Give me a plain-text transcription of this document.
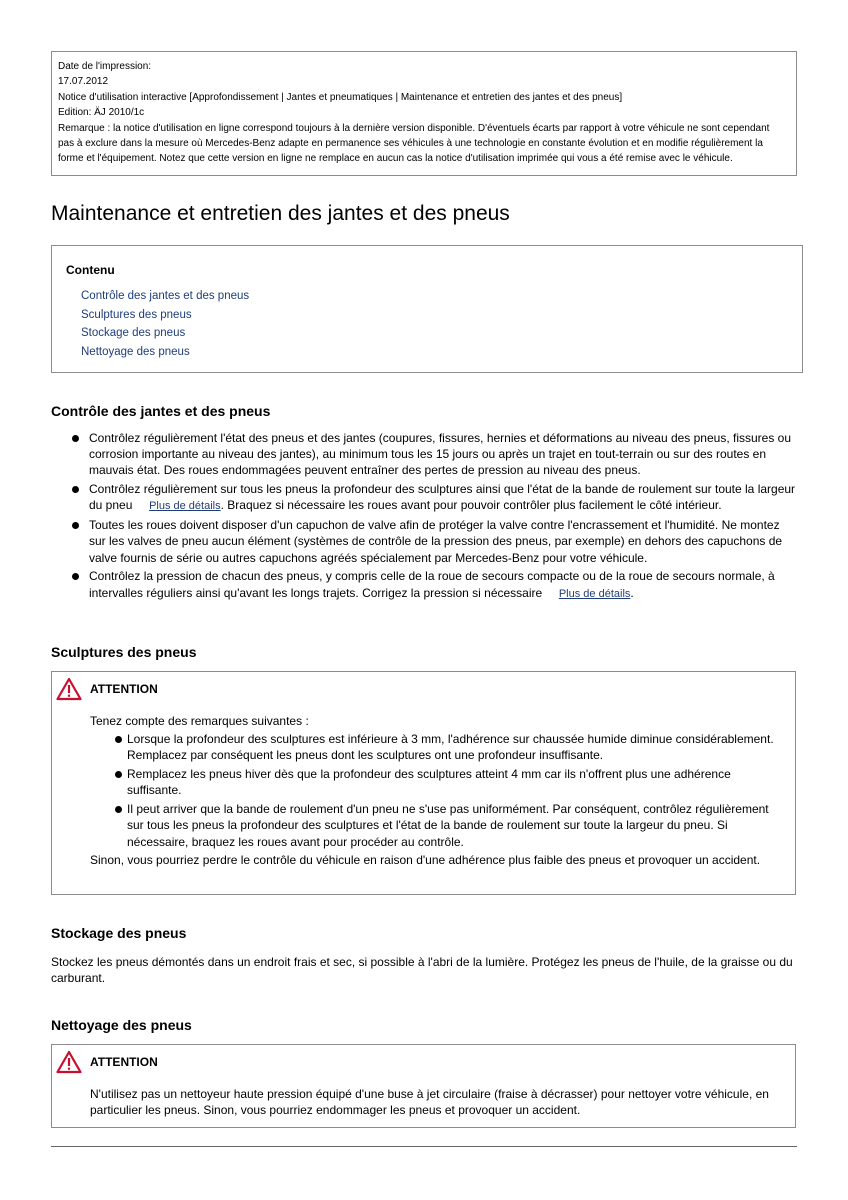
Date de l'impression:
17.07.2012
Notice d'utilisation interactive [Approfondissement | Jantes et pneumatiques | Maintenance et entretien des jantes et des pneus]
Edition: ÄJ 2010/1c
Remarque : la notice d'utilisation en ligne correspond toujours à la dernière version disponible. D'éventuels écarts par rapport à votre véhicule ne sont cependant pas à exclure dans la mesure où Mercedes-Benz adapte en permanence ses véhicules à une technologie en constante évolution et en modifie régulièrement la forme et l'équipement. Notez que cette version en ligne ne remplace en aucun cas la notice d'utilisation imprimée qui vous a été remise avec le véhicule.
Maintenance et entretien des jantes et des pneus
Contenu
Contrôle des jantes et des pneus
Sculptures des pneus
Stockage des pneus
Nettoyage des pneus
Contrôle des jantes et des pneus
Contrôlez régulièrement l'état des pneus et des jantes (coupures, fissures, hernies et déformations au niveau des pneus, fissures ou corrosion importante au niveau des jantes), au minimum tous les 15 jours ou après un trajet en tout-terrain ou sur des routes en mauvais état. Des roues endommagées peuvent entraîner des pertes de pression au niveau des pneus.
Contrôlez régulièrement sur tous les pneus la profondeur des sculptures ainsi que l'état de la bande de roulement sur toute la largeur du pneu Plus de détails. Braquez si nécessaire les roues avant pour pouvoir contrôler plus facilement le côté intérieur.
Toutes les roues doivent disposer d'un capuchon de valve afin de protéger la valve contre l'encrassement et l'humidité. Ne montez sur les valves de pneu aucun élément (systèmes de contrôle de la pression des pneus, par exemple) en dehors des capuchons de valve fournis de série ou autres capuchons agréés spécialement par Mercedes-Benz pour votre véhicule.
Contrôlez la pression de chacun des pneus, y compris celle de la roue de secours compacte ou de la roue de secours normale, à intervalles réguliers ainsi qu'avant les longs trajets. Corrigez la pression si nécessaire Plus de détails.
Sculptures des pneus
ATTENTION

Tenez compte des remarques suivantes :

Lorsque la profondeur des sculptures est inférieure à 3 mm, l'adhérence sur chaussée humide diminue considérablement. Remplacez par conséquent les pneus dont les sculptures ont une profondeur insuffisante.
Remplacez les pneus hiver dès que la profondeur des sculptures atteint 4 mm car ils n'offrent plus une adhérence suffisante.
Il peut arriver que la bande de roulement d'un pneu ne s'use pas uniformément. Par conséquent, contrôlez régulièrement sur tous les pneus la profondeur des sculptures et l'état de la bande de roulement sur toute la largeur du pneu. Si nécessaire, braquez les roues avant pour procéder au contrôle.

Sinon, vous pourriez perdre le contrôle du véhicule en raison d'une adhérence plus faible des pneus et provoquer un accident.

Stockage des pneus

Stockez les pneus démontés dans un endroit frais et sec, si possible à l'abri de la lumière. Protégez les pneus de l'huile, de la graisse ou du carburant.

Nettoyage des pneus
ATTENTION

N'utilisez pas un nettoyeur haute pression équipé d'une buse à jet circulaire (fraise à décrasser) pour nettoyer votre véhicule, en particulier les pneus. Sinon, vous pourriez endommager les pneus et provoquer un accident.
